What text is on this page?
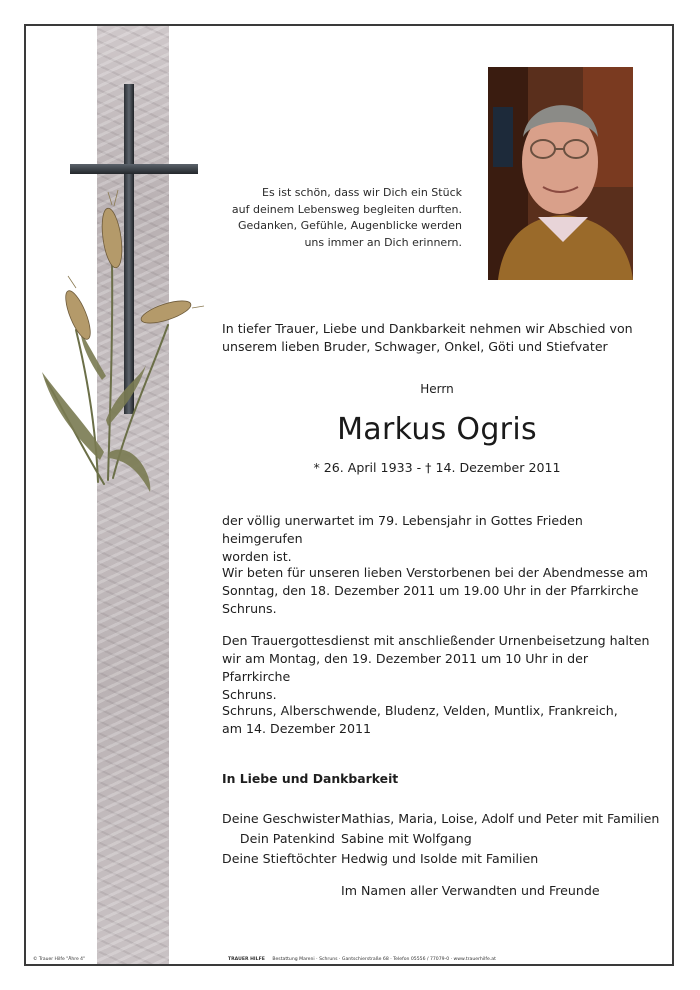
Es ist schön, dass wir Dich ein Stück
auf deinem Lebensweg begleiten durften.
Gedanken, Gefühle, Augenblicke werden
uns immer an Dich erinnern.
In tiefer Trauer, Liebe und Dankbarkeit nehmen wir Abschied von
unserem lieben Bruder, Schwager, Onkel, Göti und Stiefvater
Herrn
Markus Ogris
* 26. April 1933 - † 14. Dezember 2011
der völlig unerwartet im 79. Lebensjahr in Gottes Frieden heimgerufen
worden ist.
Wir beten für unseren lieben Verstorbenen bei der Abendmesse am
Sonntag, den 18. Dezember 2011 um 19.00 Uhr in der Pfarrkirche
Schruns.
Den Trauergottesdienst mit anschließender Urnenbeisetzung halten
wir am Montag, den 19. Dezember 2011 um 10 Uhr in der Pfarrkirche
Schruns.
Schruns, Alberschwende, Bludenz, Velden, Muntlix, Frankreich,
am 14. Dezember 2011
In Liebe und Dankbarkeit
Deine Geschwister Mathias, Maria, Loise, Adolf und Peter mit Familien
Dein Patenkind Sabine mit Wolfgang
Deine Stieftöchter Hedwig und Isolde mit Familien
Im Namen aller Verwandten und Freunde
© Trauer Hilfe "Ähre 4"	TRAUER HILFE Bestattung Mareni · Schruns · Gantschierstraße 68 · Telefon 05556 / 77079-0 · www.trauerhilfe.at
